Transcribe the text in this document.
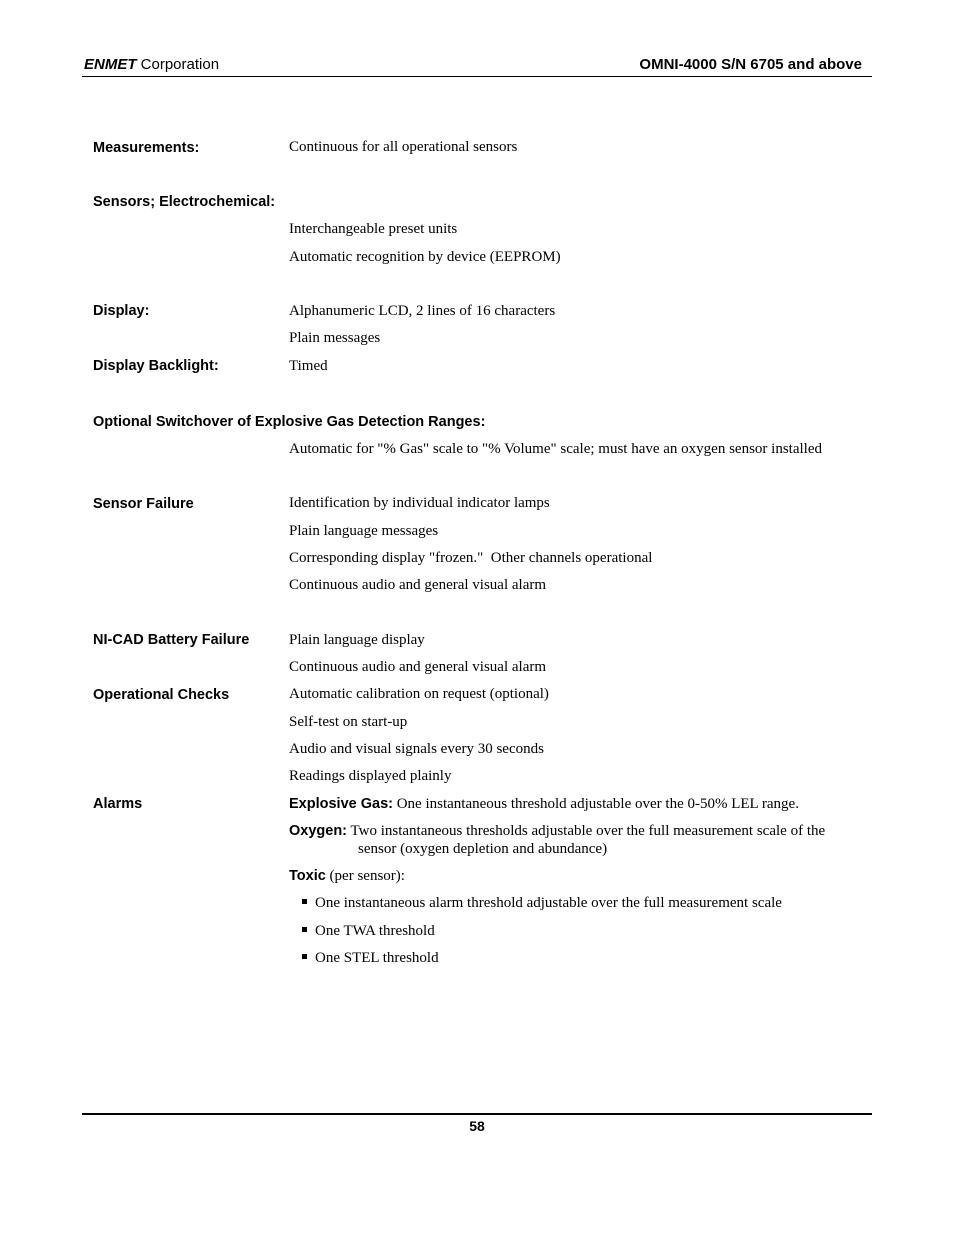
ENMET Corporation	OMNI-4000 S/N 6705 and above
Measurements:	Continuous for all operational sensors
Sensors; Electrochemical:
Interchangeable preset units
Automatic recognition by device (EEPROM)
Display:	Alphanumeric LCD, 2 lines of 16 characters
Plain messages
Display Backlight:	Timed
Optional Switchover of Explosive Gas Detection Ranges:
Automatic for "% Gas" scale to "% Volume" scale; must have an oxygen sensor installed
Sensor Failure	Identification by individual indicator lamps
Plain language messages
Corresponding display "frozen."  Other channels operational
Continuous audio and general visual alarm
NI-CAD Battery Failure	Plain language display
Continuous audio and general visual alarm
Operational Checks	Automatic calibration on request (optional)
Self-test on start-up
Audio and visual signals every 30 seconds
Readings displayed plainly
Alarms	Explosive Gas: One instantaneous threshold adjustable over the 0-50% LEL range.
Oxygen: Two instantaneous thresholds adjustable over the full measurement scale of the
sensor (oxygen depletion and abundance)
Toxic (per sensor):
One instantaneous alarm threshold adjustable over the full measurement scale
One TWA threshold
One STEL threshold
58
